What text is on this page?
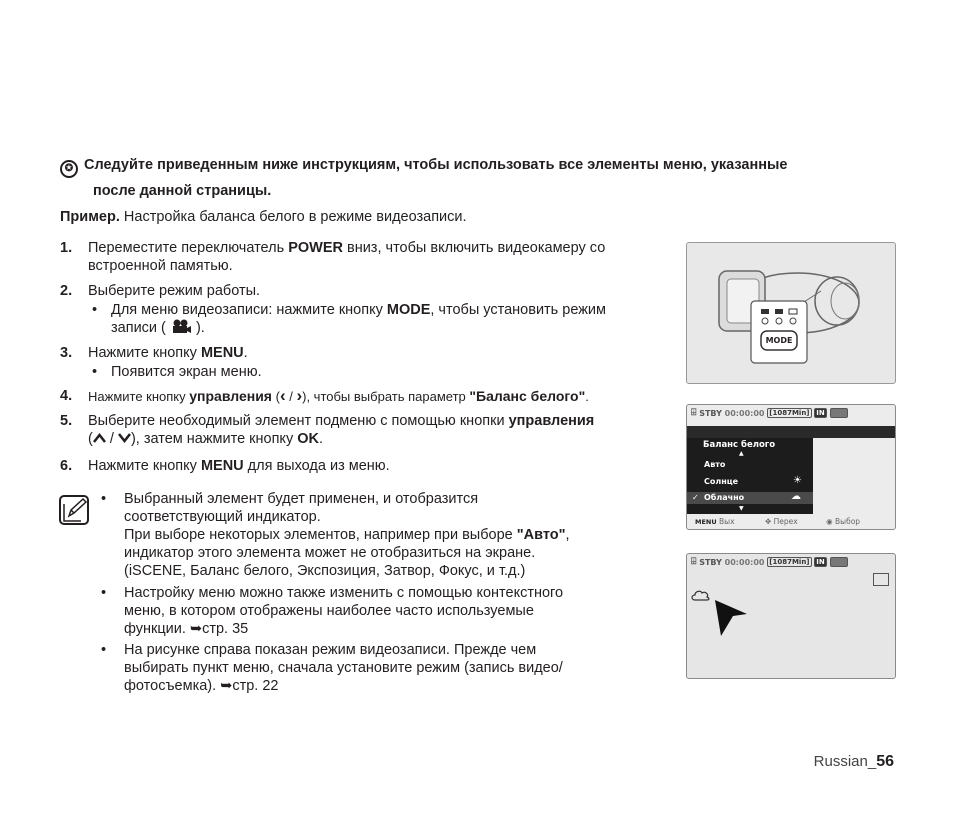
✪ Следуйте приведенным ниже инструкциям, чтобы использовать все элементы меню, указанные
после данной страницы.
Пример. Настройка баланса белого в режиме видеозаписи.
1. Переместите переключатель POWER вниз, чтобы включить видеокамеру со
встроенной памятью.
2. Выберите режим работы.
• Для меню видеозаписи: нажмите кнопку MODE, чтобы установить режим
записи ( ).
3. Нажмите кнопку MENU.
• Появится экран меню.
4. Нажмите кнопку управления (‹ / ›), чтобы выбрать параметр "Баланс белого".
5. Выберите необходимый элемент подменю с помощью кнопки управления
( / ), затем нажмите кнопку OK.
6. Нажмите кнопку MENU для выхода из меню.
• Выбранный элемент будет применен, и отобразится
соответствующий индикатор.
При выборе некоторых элементов, например при выборе "Авто",
индикатор этого элемента может не отобразиться на экране.
(iSCENE, Баланс белого, Экспозиция, Затвор, Фокус, и т.д.)
• Настройку меню можно также изменить с помощью контекстного
меню, в котором отображены наиболее часто используемые
функции. ➥стр. 35
• На рисунке справа показан режим видеозаписи. Прежде чем
выбирать пункт меню, сначала установите режим (запись видео/
фотосъемка). ➥стр. 22
MODE
⌹ STBY 00:00:00 [1087Min] IN
Баланс белого
▲
Авто
Солнце	☀
✓ Облачно	☁
▼
MENU Вых	✥ Перех	◉ Выбор
⌹ STBY 00:00:00 [1087Min] IN
Russian_56
